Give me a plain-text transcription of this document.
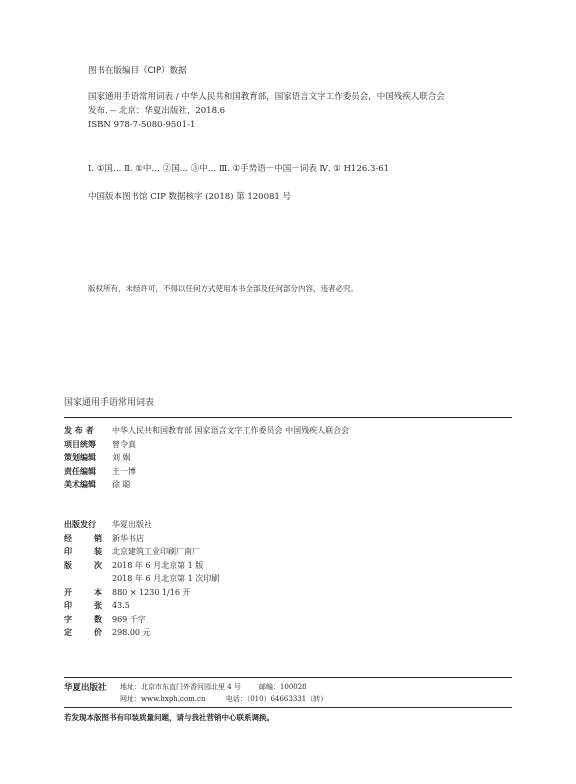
图书在版编目（CIP）数据

国家通用手语常用词表 / 中华人民共和国教育部，国家语言文字工作委员会，中国残疾人联合会

发布. -- 北京：华夏出版社，2018.6

ISBN 978-7-5080-9501-1

Ⅰ. ①国… Ⅱ. ①中… ②国… ③中… Ⅲ. ①手势语－中国－词表 Ⅳ. ① H126.3-61
中国版本图书馆 CIP 数据核字 (2018) 第 120081 号
版权所有，未经许可，不得以任何方式使用本书全部及任何部分内容，违者必究。
国家通用手语常用词表
发 布 者	中华人民共和国教育部 国家语言文字工作委员会 中国残疾人联合会
项目统筹	曾令真
策划编辑	刘 娲
责任编辑	王一博
美术编辑	徐 聪
出版发行	华夏出版社
经	销 新华书店
印	装 北京建筑工业印刷厂南厂
版	次 2018 年 6 月北京第 1 版
2018 年 6 月北京第 1 次印刷
开	本 880 × 1230 1/16 开
印	张 43.5
字	数 969 千字
定	价 298.00 元
华夏出版社	地址：北京市东直门外香河园北里 4 号	邮编：100028
网址：www.hxph.com.cn	电话：（010）64663331（转）
若发现本版图书有印装质量问题，请与我社营销中心联系调换。
